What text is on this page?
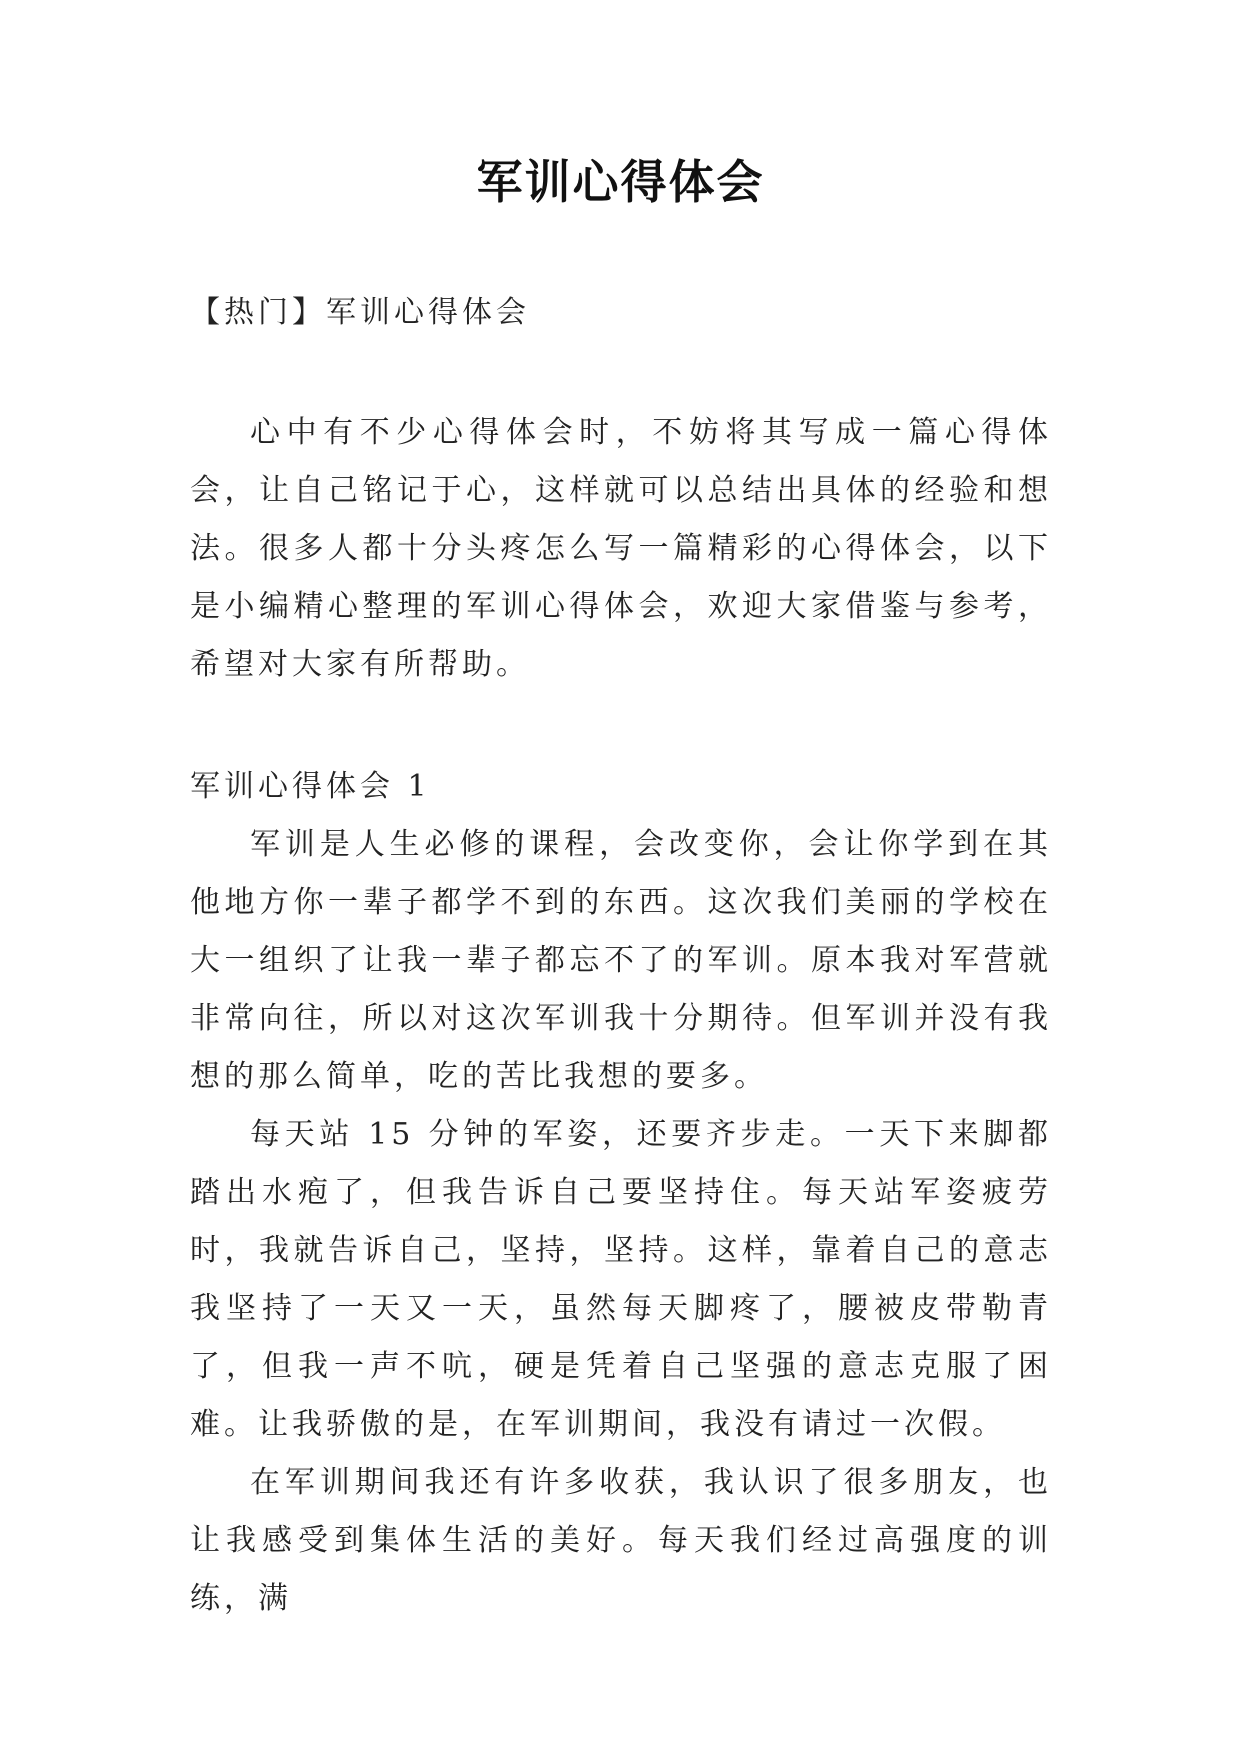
军训心得体会
【热门】军训心得体会

心中有不少心得体会时，不妨将其写成一篇心得体会，让自己铭记于心，这样就可以总结出具体的经验和想法。很多人都十分头疼怎么写一篇精彩的心得体会，以下是小编精心整理的军训心得体会，欢迎大家借鉴与参考，希望对大家有所帮助。

军训心得体会 1

军训是人生必修的课程，会改变你，会让你学到在其他地方你一辈子都学不到的东西。这次我们美丽的学校在大一组织了让我一辈子都忘不了的军训。原本我对军营就非常向往，所以对这次军训我十分期待。但军训并没有我想的那么简单，吃的苦比我想的要多。

每天站 15 分钟的军姿，还要齐步走。一天下来脚都踏出水疱了，但我告诉自己要坚持住。每天站军姿疲劳时，我就告诉自己，坚持，坚持。这样，靠着自己的意志我坚持了一天又一天，虽然每天脚疼了，腰被皮带勒青了，但我一声不吭，硬是凭着自己坚强的意志克服了困难。让我骄傲的是，在军训期间，我没有请过一次假。

在军训期间我还有许多收获，我认识了很多朋友，也让我感受到集体生活的美好。每天我们经过高强度的训练，满
